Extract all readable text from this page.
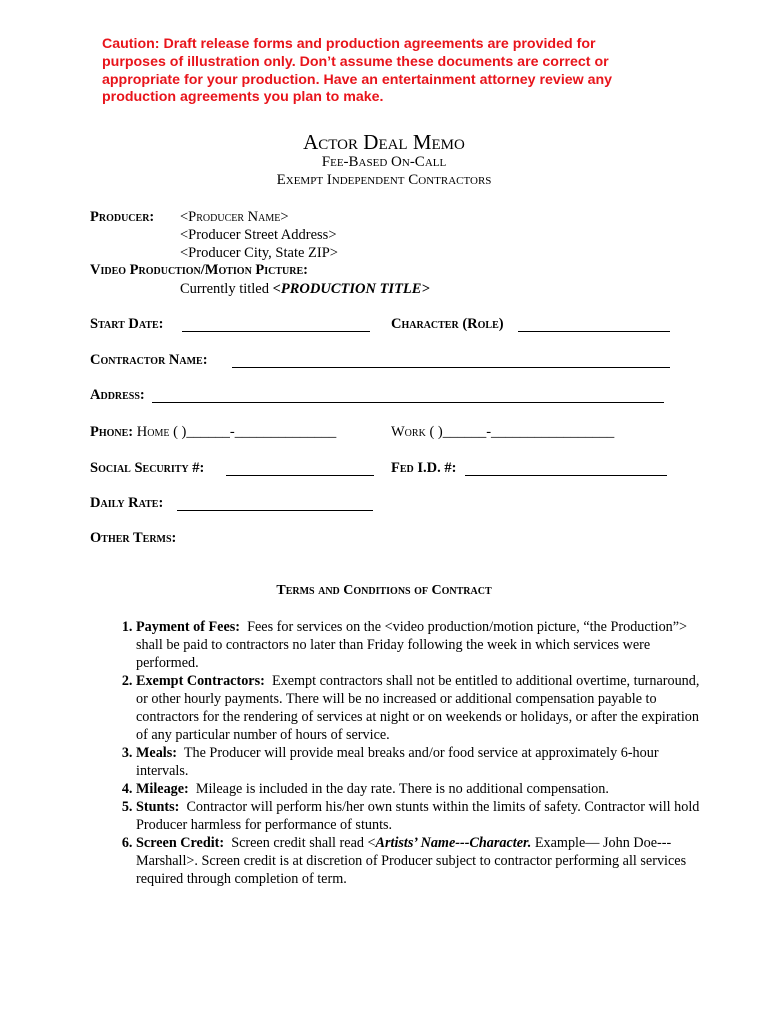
Caution: Draft release forms and production agreements are provided for purposes of illustration only. Don’t assume these documents are correct or appropriate for your production. Have an entertainment attorney review any production agreements you plan to make.

Actor Deal Memo

Fee-Based On-Call

Exempt Independent Contractors

Producer: <Producer Name>

<Producer Street Address>

<Producer City, State ZIP>

Video Production/Motion Picture:

Currently titled <PRODUCTION TITLE>

Start Date:	Character (Role)

Contractor Name:

Address:

Phone: Home ( )______-______________	Work ( )______-_________________

Social Security #:	Fed I.D. #:

Daily Rate:

Other Terms:

Terms and Conditions of Contract

1. Payment of Fees: Fees for services on the <video production/motion picture, “the Production”> shall be paid to contractors no later than Friday following the week in which services were performed.
2. Exempt Contractors: Exempt contractors shall not be entitled to additional overtime, turnaround, or other hourly payments. There will be no increased or additional compensation payable to contractors for the rendering of services at night or on weekends or holidays, or after the expiration of any particular number of hours of service.
3. Meals: The Producer will provide meal breaks and/or food service at approximately 6-hour intervals.
4. Mileage: Mileage is included in the day rate. There is no additional compensation.
5. Stunts: Contractor will perform his/her own stunts within the limits of safety. Contractor will hold Producer harmless for performance of stunts.
6. Screen Credit: Screen credit shall read <Artists’ Name---Character. Example— John Doe---Marshall>. Screen credit is at discretion of Producer subject to contractor performing all services required through completion of term.
